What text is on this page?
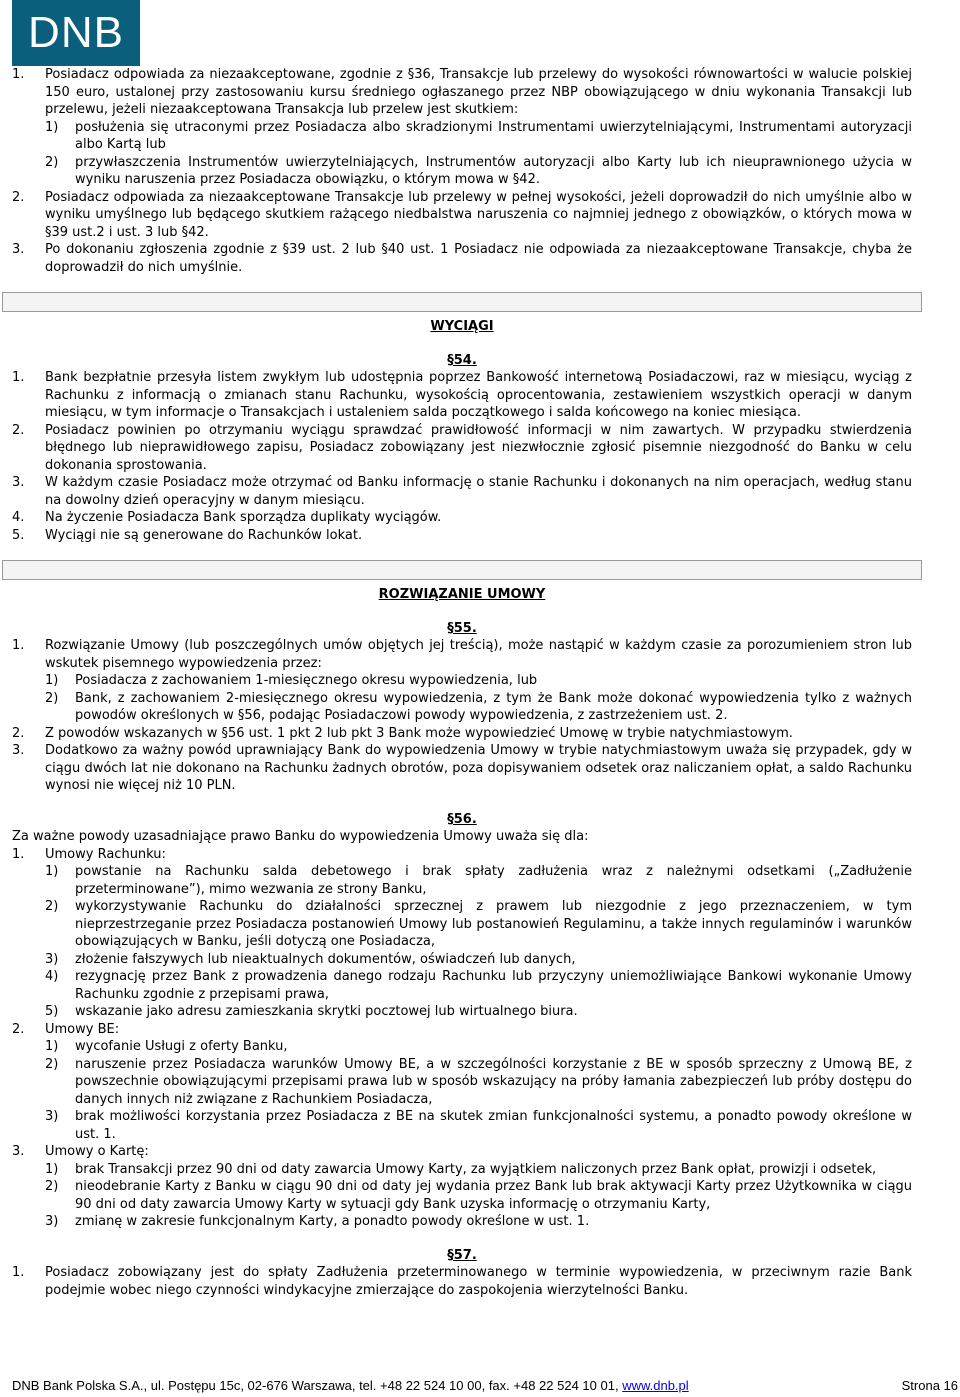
DNB
1.	Posiadacz odpowiada za niezaakceptowane, zgodnie z §36, Transakcje lub przelewy do wysokości równowartości w walucie polskiej 150 euro, ustalonej przy zastosowaniu kursu średniego ogłaszanego przez NBP obowiązującego w dniu wykonania Transakcji lub przelewu, jeżeli niezaakceptowana Transakcja lub przelew jest skutkiem:
1)	posłużenia się utraconymi przez Posiadacza albo skradzionymi Instrumentami uwierzytelniającymi, Instrumentami autoryzacji albo Kartą lub
2)	przywłaszczenia Instrumentów uwierzytelniających, Instrumentów autoryzacji albo Karty lub ich nieuprawnionego użycia w wyniku naruszenia przez Posiadacza obowiązku, o którym mowa w §42.
2.	Posiadacz odpowiada za niezaakceptowane Transakcje lub przelewy w pełnej wysokości, jeżeli doprowadził do nich umyślnie albo w wyniku umyślnego lub będącego skutkiem rażącego niedbalstwa naruszenia co najmniej jednego z obowiązków, o których mowa w §39 ust.2 i ust. 3 lub §42.
3.	Po dokonaniu zgłoszenia zgodnie z §39 ust. 2 lub §40 ust. 1 Posiadacz nie odpowiada za niezaakceptowane Transakcje, chyba że doprowadził do nich umyślnie.
WYCIĄGI
§54.
1.	Bank bezpłatnie przesyła listem zwykłym lub udostępnia poprzez Bankowość internetową Posiadaczowi, raz w miesiącu, wyciąg z Rachunku z informacją o zmianach stanu Rachunku, wysokością oprocentowania, zestawieniem wszystkich operacji w danym miesiącu, w tym informacje o Transakcjach i ustaleniem salda początkowego i salda końcowego na koniec miesiąca.
2.	Posiadacz powinien po otrzymaniu wyciągu sprawdzać prawidłowość informacji w nim zawartych. W przypadku stwierdzenia błędnego lub nieprawidłowego zapisu, Posiadacz zobowiązany jest niezwłocznie zgłosić pisemnie niezgodność do Banku w celu dokonania sprostowania.
3.	W każdym czasie Posiadacz może otrzymać od Banku informację o stanie Rachunku i dokonanych na nim operacjach, według stanu na dowolny dzień operacyjny w danym miesiącu.
4.	Na życzenie Posiadacza Bank sporządza duplikaty wyciągów.
5.	Wyciągi nie są generowane do Rachunków lokat.
ROZWIĄZANIE UMOWY
§55.
1.	Rozwiązanie Umowy (lub poszczególnych umów objętych jej treścią), może nastąpić w każdym czasie za porozumieniem stron lub wskutek pisemnego wypowiedzenia przez:
1)	Posiadacza z zachowaniem 1-miesięcznego okresu wypowiedzenia, lub
2)	Bank, z zachowaniem 2-miesięcznego okresu wypowiedzenia, z tym że Bank może dokonać wypowiedzenia tylko z ważnych powodów określonych w §56, podając Posiadaczowi powody wypowiedzenia, z zastrzeżeniem ust. 2.
2.	Z powodów wskazanych w §56 ust. 1 pkt 2 lub pkt 3 Bank może wypowiedzieć Umowę w trybie natychmiastowym.
3.	Dodatkowo za ważny powód uprawniający Bank do wypowiedzenia Umowy w trybie natychmiastowym uważa się przypadek, gdy w ciągu dwóch lat nie dokonano na Rachunku żadnych obrotów, poza dopisywaniem odsetek oraz naliczaniem opłat, a saldo Rachunku wynosi nie więcej niż 10 PLN.
§56.
Za ważne powody uzasadniające prawo Banku do wypowiedzenia Umowy uważa się dla:
1.	Umowy Rachunku:
1)	powstanie na Rachunku salda debetowego i brak spłaty zadłużenia wraz z należnymi odsetkami („Zadłużenie przeterminowane”), mimo wezwania ze strony Banku,
2)	wykorzystywanie Rachunku do działalności sprzecznej z prawem lub niezgodnie z jego przeznaczeniem, w tym nieprzestrzeganie przez Posiadacza postanowień Umowy lub postanowień Regulaminu, a także innych regulaminów i warunków obowiązujących w Banku, jeśli dotyczą one Posiadacza,
3)	złożenie fałszywych lub nieaktualnych dokumentów, oświadczeń lub danych,
4)	rezygnację przez Bank z prowadzenia danego rodzaju Rachunku lub przyczyny uniemożliwiające Bankowi wykonanie Umowy Rachunku zgodnie z przepisami prawa,
5)	wskazanie jako adresu zamieszkania skrytki pocztowej lub wirtualnego biura.
2.	Umowy BE:
1)	wycofanie Usługi z oferty Banku,
2)	naruszenie przez Posiadacza warunków Umowy BE, a w szczególności korzystanie z BE w sposób sprzeczny z Umową BE, z powszechnie obowiązującymi przepisami prawa lub w sposób wskazujący na próby łamania zabezpieczeń lub próby dostępu do danych innych niż związane z Rachunkiem Posiadacza,
3)	brak możliwości korzystania przez Posiadacza z BE na skutek zmian funkcjonalności systemu, a ponadto powody określone w ust. 1.
3.	Umowy o Kartę:
1)	brak Transakcji przez 90 dni od daty zawarcia Umowy Karty, za wyjątkiem naliczonych przez Bank opłat, prowizji i odsetek,
2)	nieodebranie Karty z Banku w ciągu 90 dni od daty jej wydania przez Bank lub brak aktywacji Karty przez Użytkownika w ciągu 90 dni od daty zawarcia Umowy Karty w sytuacji gdy Bank uzyska informację o otrzymaniu Karty,
3)	zmianę w zakresie funkcjonalnym Karty, a ponadto powody określone w ust. 1.
§57.
1.	Posiadacz zobowiązany jest do spłaty Zadłużenia przeterminowanego w terminie wypowiedzenia, w przeciwnym razie Bank podejmie wobec niego czynności windykacyjne zmierzające do zaspokojenia wierzytelności Banku.
DNB Bank Polska S.A., ul. Postępu 15c, 02-676 Warszawa, tel. +48 22 524 10 00, fax. +48 22 524 10 01, www.dnb.pl	Strona 16
